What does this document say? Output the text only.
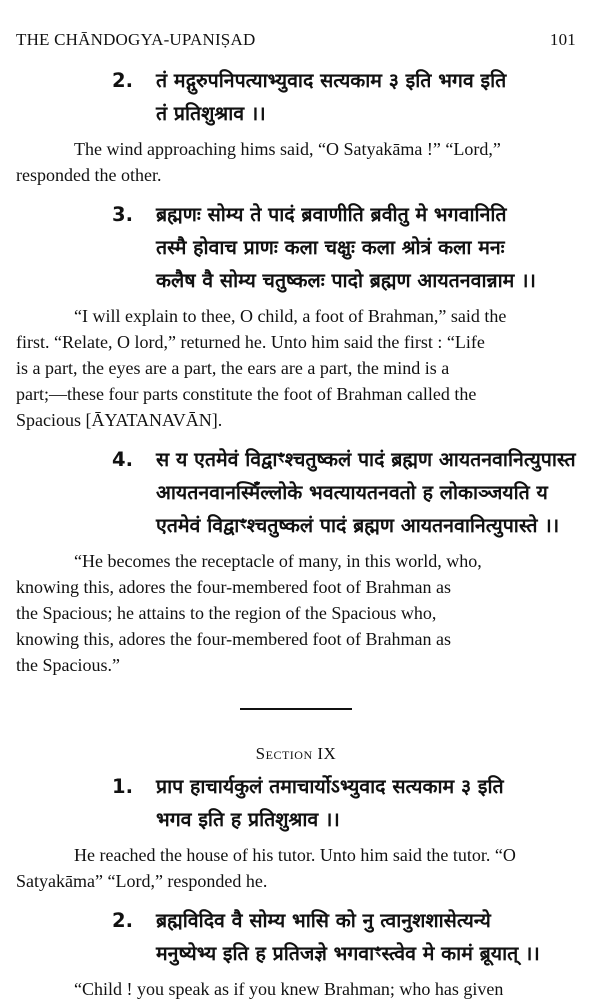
THE CHĀNDOGYA-UPANIṢAD	101
2.	तं मद्गुरुपनिपत्याभ्युवाद सत्यकाम ३ इति भगव इति
तं प्रतिशुश्राव ।।
The wind approaching hims said, “O Satyakāma !” “Lord,”
responded the other.
3.	ब्रह्मणः सोम्य ते पादं ब्रवाणीति ब्रवीतु मे भगवानिति
तस्मै होवाच प्राणः कला चक्षुः कला श्रोत्रं कला मनः
कलैष वै सोम्य चतुष्कलः पादो ब्रह्मण आयतनवान्नाम ।।
“I will explain to thee, O child, a foot of Brahman,” said the
first. “Relate, O lord,” returned he. Unto him said the first : “Life
is a part, the eyes are a part, the ears are a part, the mind is a
part;—these four parts constitute the foot of Brahman called the
Spacious [ĀYATANAVĀN].
4.	स य एतमेवं विद्वाꣳश्चतुष्कलं पादं ब्रह्मण आयतनवानित्युपास्त
आयतनवानस्मिँल्लोके भवत्यायतनवतो ह लोकाञ्जयति य
एतमेवं विद्वाꣳश्चतुष्कलं पादं ब्रह्मण आयतनवानित्युपास्ते ।।
“He becomes the receptacle of many, in this world, who,
knowing this, adores the four-membered foot of Brahman as
the Spacious; he attains to the region of the Spacious who,
knowing this, adores the four-membered foot of Brahman as
the Spacious.”
Section IX
1.	प्राप हाचार्यकुलं तमाचार्योऽभ्युवाद सत्यकाम ३ इति
भगव इति ह प्रतिशुश्राव ।।
He reached the house of his tutor. Unto him said the tutor. “O
Satyakāma” “Lord,” responded he.
2.	ब्रह्मविदिव वै सोम्य भासि को नु त्वानुशशासेत्यन्ये
मनुष्येभ्य इति ह प्रतिजज्ञे भगवाꣳस्त्वेव मे कामं ब्रूयात् ।।
“Child ! you speak as if you knew Brahman; who has given
